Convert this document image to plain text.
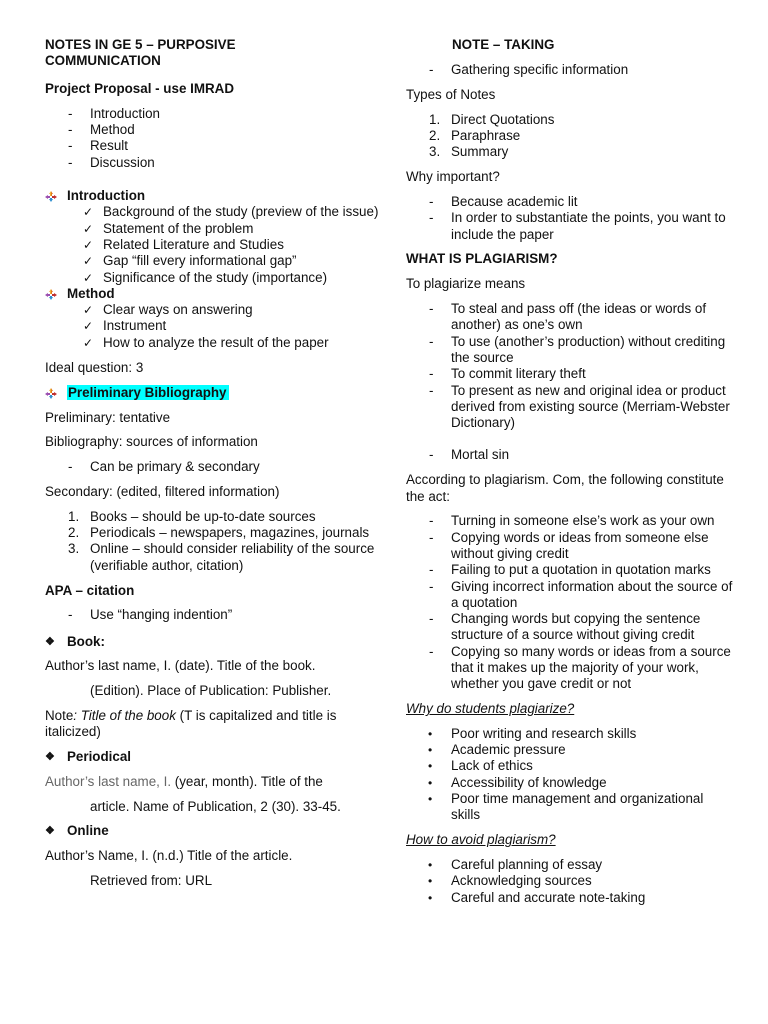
NOTES IN GE 5 – PURPOSIVE
COMMUNICATION

Project Proposal - use IMRAD

- Introduction
- Method
- Result
- Discussion

Introduction

✓ Background of the study (preview of the issue)
✓ Statement of the problem
✓ Related Literature and Studies
✓ Gap “fill every informational gap”
✓ Significance of the study (importance)

Method

✓ Clear ways on answering
✓ Instrument
✓ How to analyze the result of the paper

Ideal question: 3

Preliminary Bibliography

Preliminary: tentative

Bibliography: sources of information

- Can be primary & secondary

Secondary: (edited, filtered information)

1. Books – should be up-to-date sources
2. Periodicals – newspapers, magazines, journals
3. Online – should consider reliability of the source (verifiable author, citation)

APA – citation

- Use “hanging indention”

❖ Book:

Author’s last name, I. (date). Title of the book.

(Edition). Place of Publication: Publisher.

Note: Title of the book (T is capitalized and title is italicized)

❖ Periodical

Author’s last name, I. (year, month). Title of the

article. Name of Publication, 2 (30). 33-45.

❖ Online

Author’s Name, I. (n.d.) Title of the article.

Retrieved from: URL

NOTE – TAKING

- Gathering specific information

Types of Notes

1. Direct Quotations
2. Paraphrase
3. Summary

Why important?

- Because academic lit
- In order to substantiate the points, you want to include the paper

WHAT IS PLAGIARISM?

To plagiarize means

- To steal and pass off (the ideas or words of another) as one’s own
- To use (another’s production) without crediting the source
- To commit literary theft
- To present as new and original idea or product derived from existing source (Merriam-Webster Dictionary)
- Mortal sin

According to plagiarism. Com, the following constitute the act:

- Turning in someone else’s work as your own
- Copying words or ideas from someone else without giving credit
- Failing to put a quotation in quotation marks
- Giving incorrect information about the source of a quotation
- Changing words but copying the sentence structure of a source without giving credit
- Copying so many words or ideas from a source that it makes up the majority of your work, whether you gave credit or not

Why do students plagiarize?

• Poor writing and research skills
• Academic pressure
• Lack of ethics
• Accessibility of knowledge
• Poor time management and organizational skills

How to avoid plagiarism?

• Careful planning of essay
• Acknowledging sources
• Careful and accurate note-taking
